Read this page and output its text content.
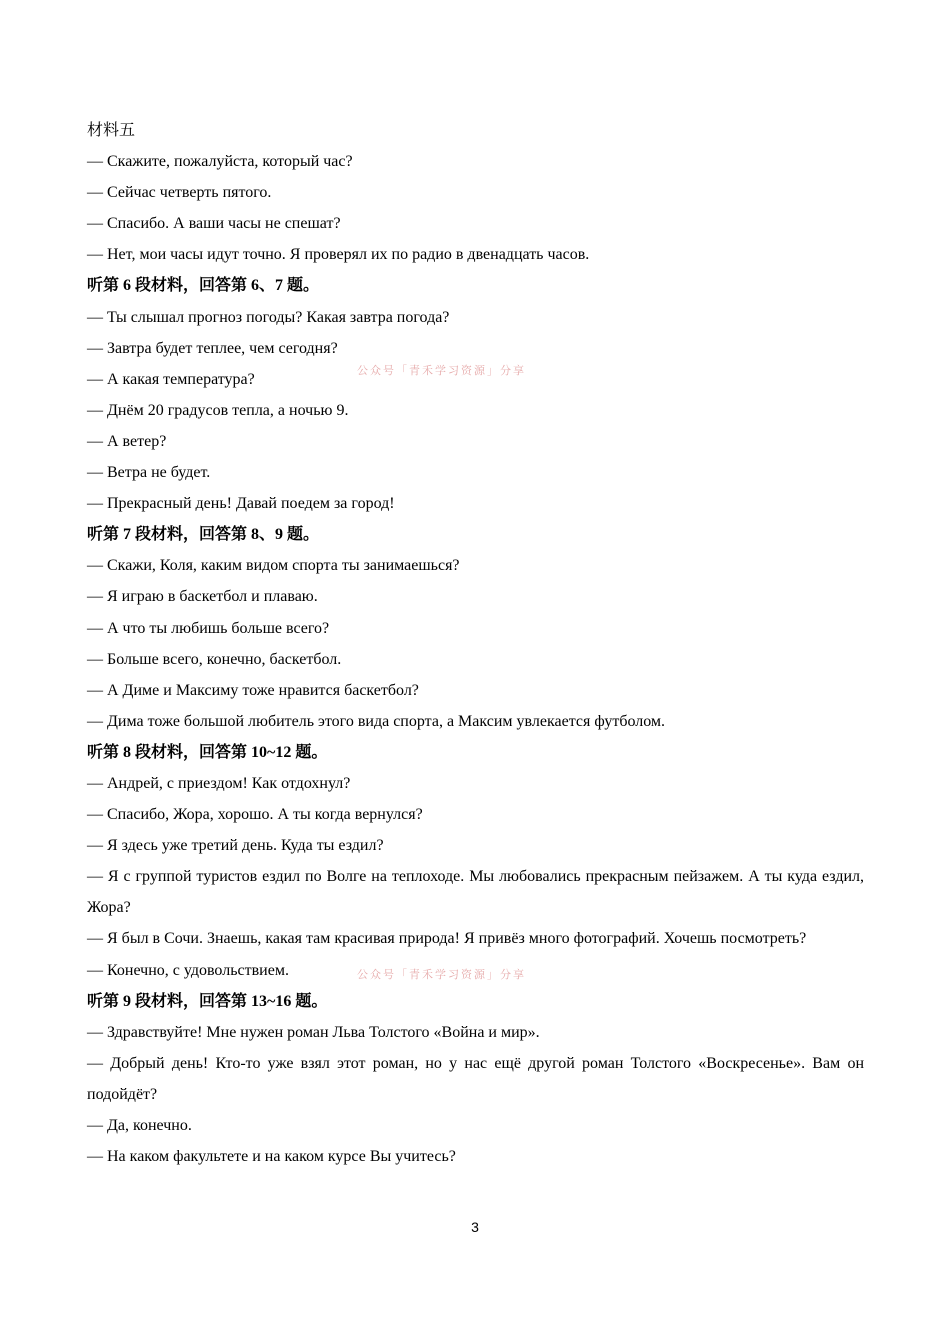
材料五

— Скажите, пожалуйста, который час?

— Сейчас четверть пятого.

— Спасибо. А ваши часы не спешат?

— Нет, мои часы идут точно. Я проверял их по радио в двенадцать часов.

听第 6 段材料，回答第 6、7 题。

— Ты слышал прогноз погоды? Какая завтра погода?

— Завтра будет теплее, чем сегодня?

— А какая температура?

— Днём 20 градусов тепла, а ночью 9.

— А ветер?

— Ветра не будет.

— Прекрасный день! Давай поедем за город!

听第 7 段材料，回答第 8、9 题。

— Скажи, Коля, каким видом спорта ты занимаешься?

— Я играю в баскетбол и плаваю.

— А что ты любишь больше всего?

— Больше всего, конечно, баскетбол.

— А Диме и Максиму тоже нравится баскетбол?

— Дима тоже большой любитель этого вида спорта, а Максим увлекается футболом.

听第 8 段材料，回答第 10~12 题。

— Андрей, с приездом! Как отдохнул?

— Спасибо, Жора, хорошо. А ты когда вернулся?

— Я здесь уже третий день. Куда ты ездил?

— Я с группой туристов ездил по Волге на теплоходе. Мы любовались прекрасным пейзажем. А ты куда ездил, Жора?

— Я был в Сочи. Знаешь, какая там красивая природа! Я привёз много фотографий. Хочешь посмотреть?

— Конечно, с удовольствием.

听第 9 段材料，回答第 13~16 题。

— Здравствуйте! Мне нужен роман Льва Толстого «Война и мир».

— Добрый день! Кто-то уже взял этот роман, но у нас ещё другой роман Толстого «Воскресенье». Вам он подойдёт?

— Да, конечно.

— На каком факультете и на каком курсе Вы учитесь?

公众号「青禾学习资源」分享
公众号「青禾学习资源」分享
3
